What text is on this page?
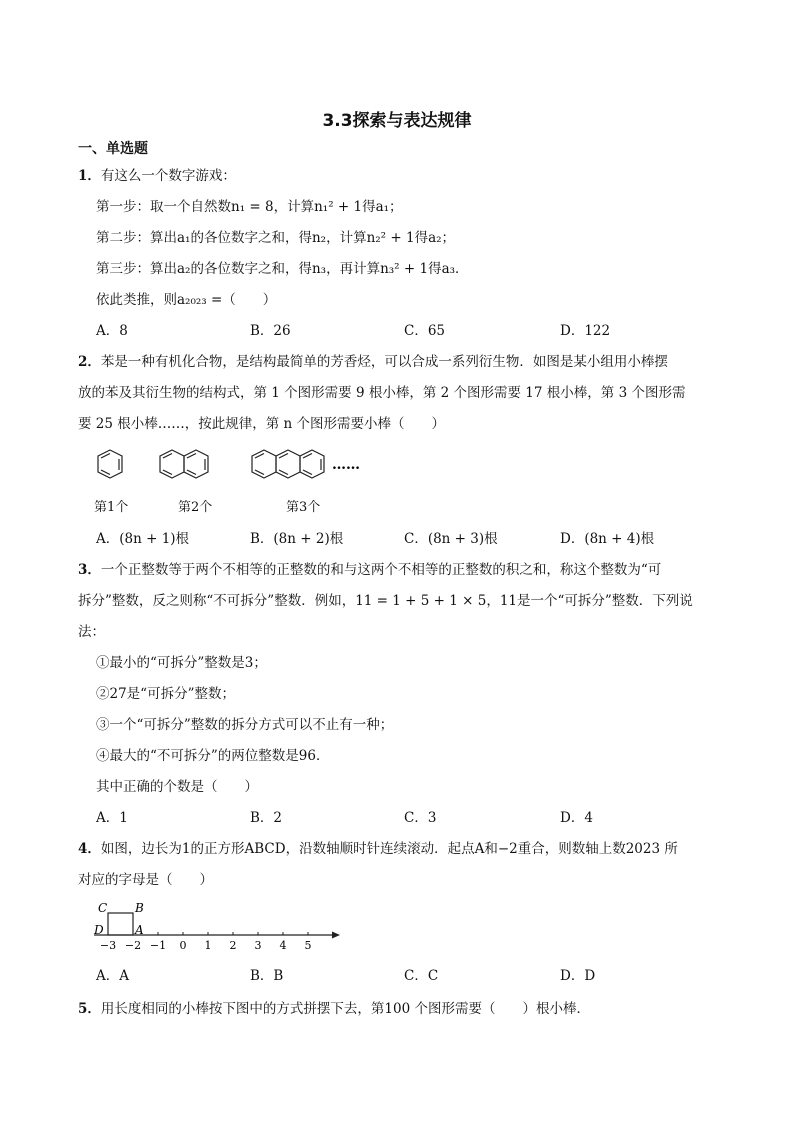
3.3探索与表达规律
一、单选题
1．有这么一个数字游戏：
第一步：取一个自然数n₁ = 8，计算n₁² + 1得a₁；
第二步：算出a₁的各位数字之和，得n₂，计算n₂² + 1得a₂；
第三步：算出a₂的各位数字之和，得n₃，再计算n₃² + 1得a₃．
依此类推，则a₂₀₂₃ =（　　）
A．8	B．26	C．65	D．122
2．苯是一种有机化合物，是结构最简单的芳香烃，可以合成一系列衍生物．如图是某小组用小棒摆
放的苯及其衍生物的结构式，第 1 个图形需要 9 根小棒，第 2 个图形需要 17 根小棒，第 3 个图形需
要 25 根小棒……，按此规律，第 n 个图形需要小棒（　　）
……
第1个	第2个	第3个
A．(8n + 1)根	B．(8n + 2)根	C．(8n + 3)根	D．(8n + 4)根
3．一个正整数等于两个不相等的正整数的和与这两个不相等的正整数的积之和，称这个整数为“可
拆分”整数，反之则称“不可拆分”整数．例如，11 = 1 + 5 + 1 × 5，11是一个“可拆分”整数．下列说
法：
①最小的“可拆分”整数是3；
②27是“可拆分”整数；
③一个“可拆分”整数的拆分方式可以不止有一种；
④最大的“不可拆分”的两位整数是96．
其中正确的个数是（　　）
A．1	B．2	C．3	D．4
4．如图，边长为1的正方形ABCD，沿数轴顺时针连续滚动．起点A和−2重合，则数轴上数2023 所
对应的字母是（　　）
C B
D	A
−3 −2 −1 0 1 2 3 4 5
A．A	B．B	C．C	D．D
5．用长度相同的小棒按下图中的方式拼摆下去，第100 个图形需要（　　）根小棒．
